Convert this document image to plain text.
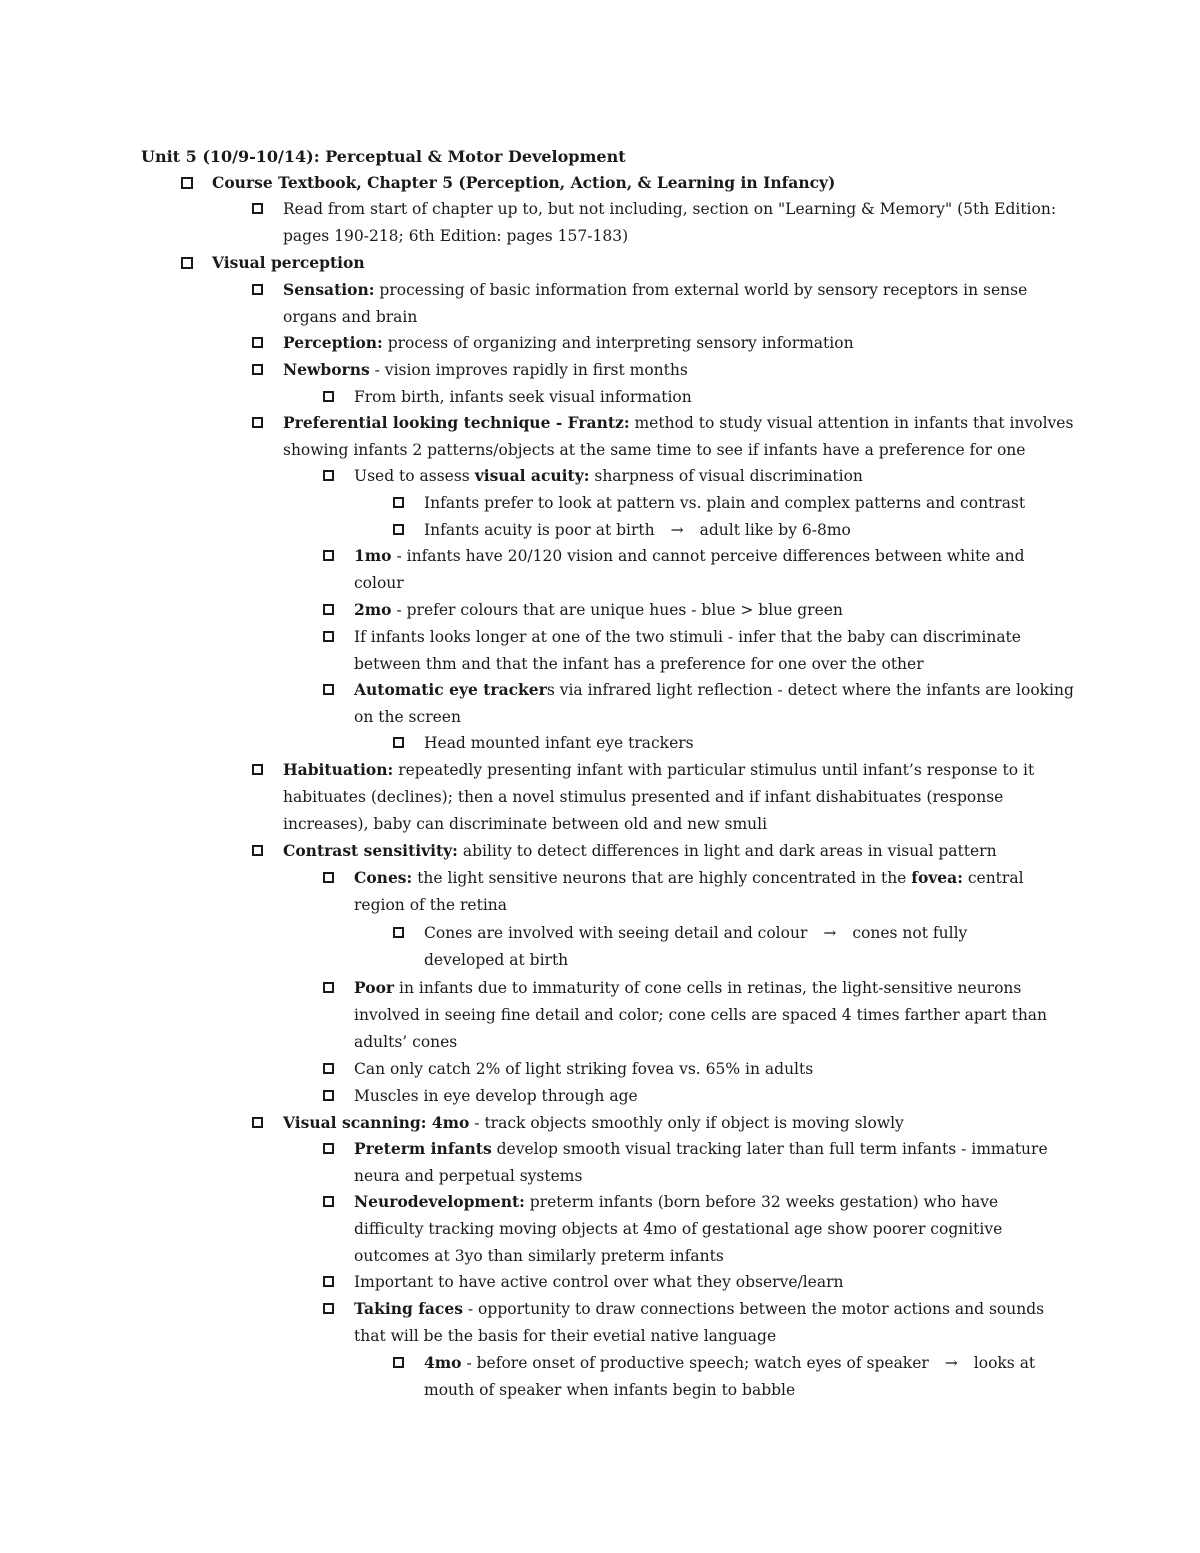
Unit 5 (10/9-10/14): Perceptual & Motor Development
Course Textbook, Chapter 5 (Perception, Action, & Learning in Infancy)
Read from start of chapter up to, but not including, section on "Learning & Memory" (5th Edition: pages 190-218; 6th Edition: pages 157-183)
Visual perception
Sensation: processing of basic information from external world by sensory receptors in sense organs and brain
Perception: process of organizing and interpreting sensory information
Newborns - vision improves rapidly in first months
From birth, infants seek visual information
Preferential looking technique - Frantz: method to study visual attention in infants that involves showing infants 2 patterns/objects at the same time to see if infants have a preference for one
Used to assess visual acuity: sharpness of visual discrimination
Infants prefer to look at pattern vs. plain and complex patterns and contrast
Infants acuity is poor at birth → adult like by 6-8mo
1mo - infants have 20/120 vision and cannot perceive differences between white and colour
2mo - prefer colours that are unique hues - blue > blue green
If infants looks longer at one of the two stimuli - infer that the baby can discriminate between thm and that the infant has a preference for one over the other
Automatic eye trackers via infrared light reflection - detect where the infants are looking on the screen
Head mounted infant eye trackers
Habituation: repeatedly presenting infant with particular stimulus until infant’s response to it habituates (declines); then a novel stimulus presented and if infant dishabituates (response increases), baby can discriminate between old and new smuli
Contrast sensitivity: ability to detect differences in light and dark areas in visual pattern
Cones: the light sensitive neurons that are highly concentrated in the fovea: central region of the retina
Cones are involved with seeing detail and colour → cones not fully developed at birth
Poor in infants due to immaturity of cone cells in retinas, the light-sensitive neurons involved in seeing fine detail and color; cone cells are spaced 4 times farther apart than adults’ cones
Can only catch 2% of light striking fovea vs. 65% in adults
Muscles in eye develop through age
Visual scanning: 4mo - track objects smoothly only if object is moving slowly
Preterm infants develop smooth visual tracking later than full term infants - immature neura and perpetual systems
Neurodevelopment: preterm infants (born before 32 weeks gestation) who have difficulty tracking moving objects at 4mo of gestational age show poorer cognitive outcomes at 3yo than similarly preterm infants
Important to have active control over what they observe/learn
Taking faces - opportunity to draw connections between the motor actions and sounds that will be the basis for their evetial native language
4mo - before onset of productive speech; watch eyes of speaker → looks at mouth of speaker when infants begin to babble
